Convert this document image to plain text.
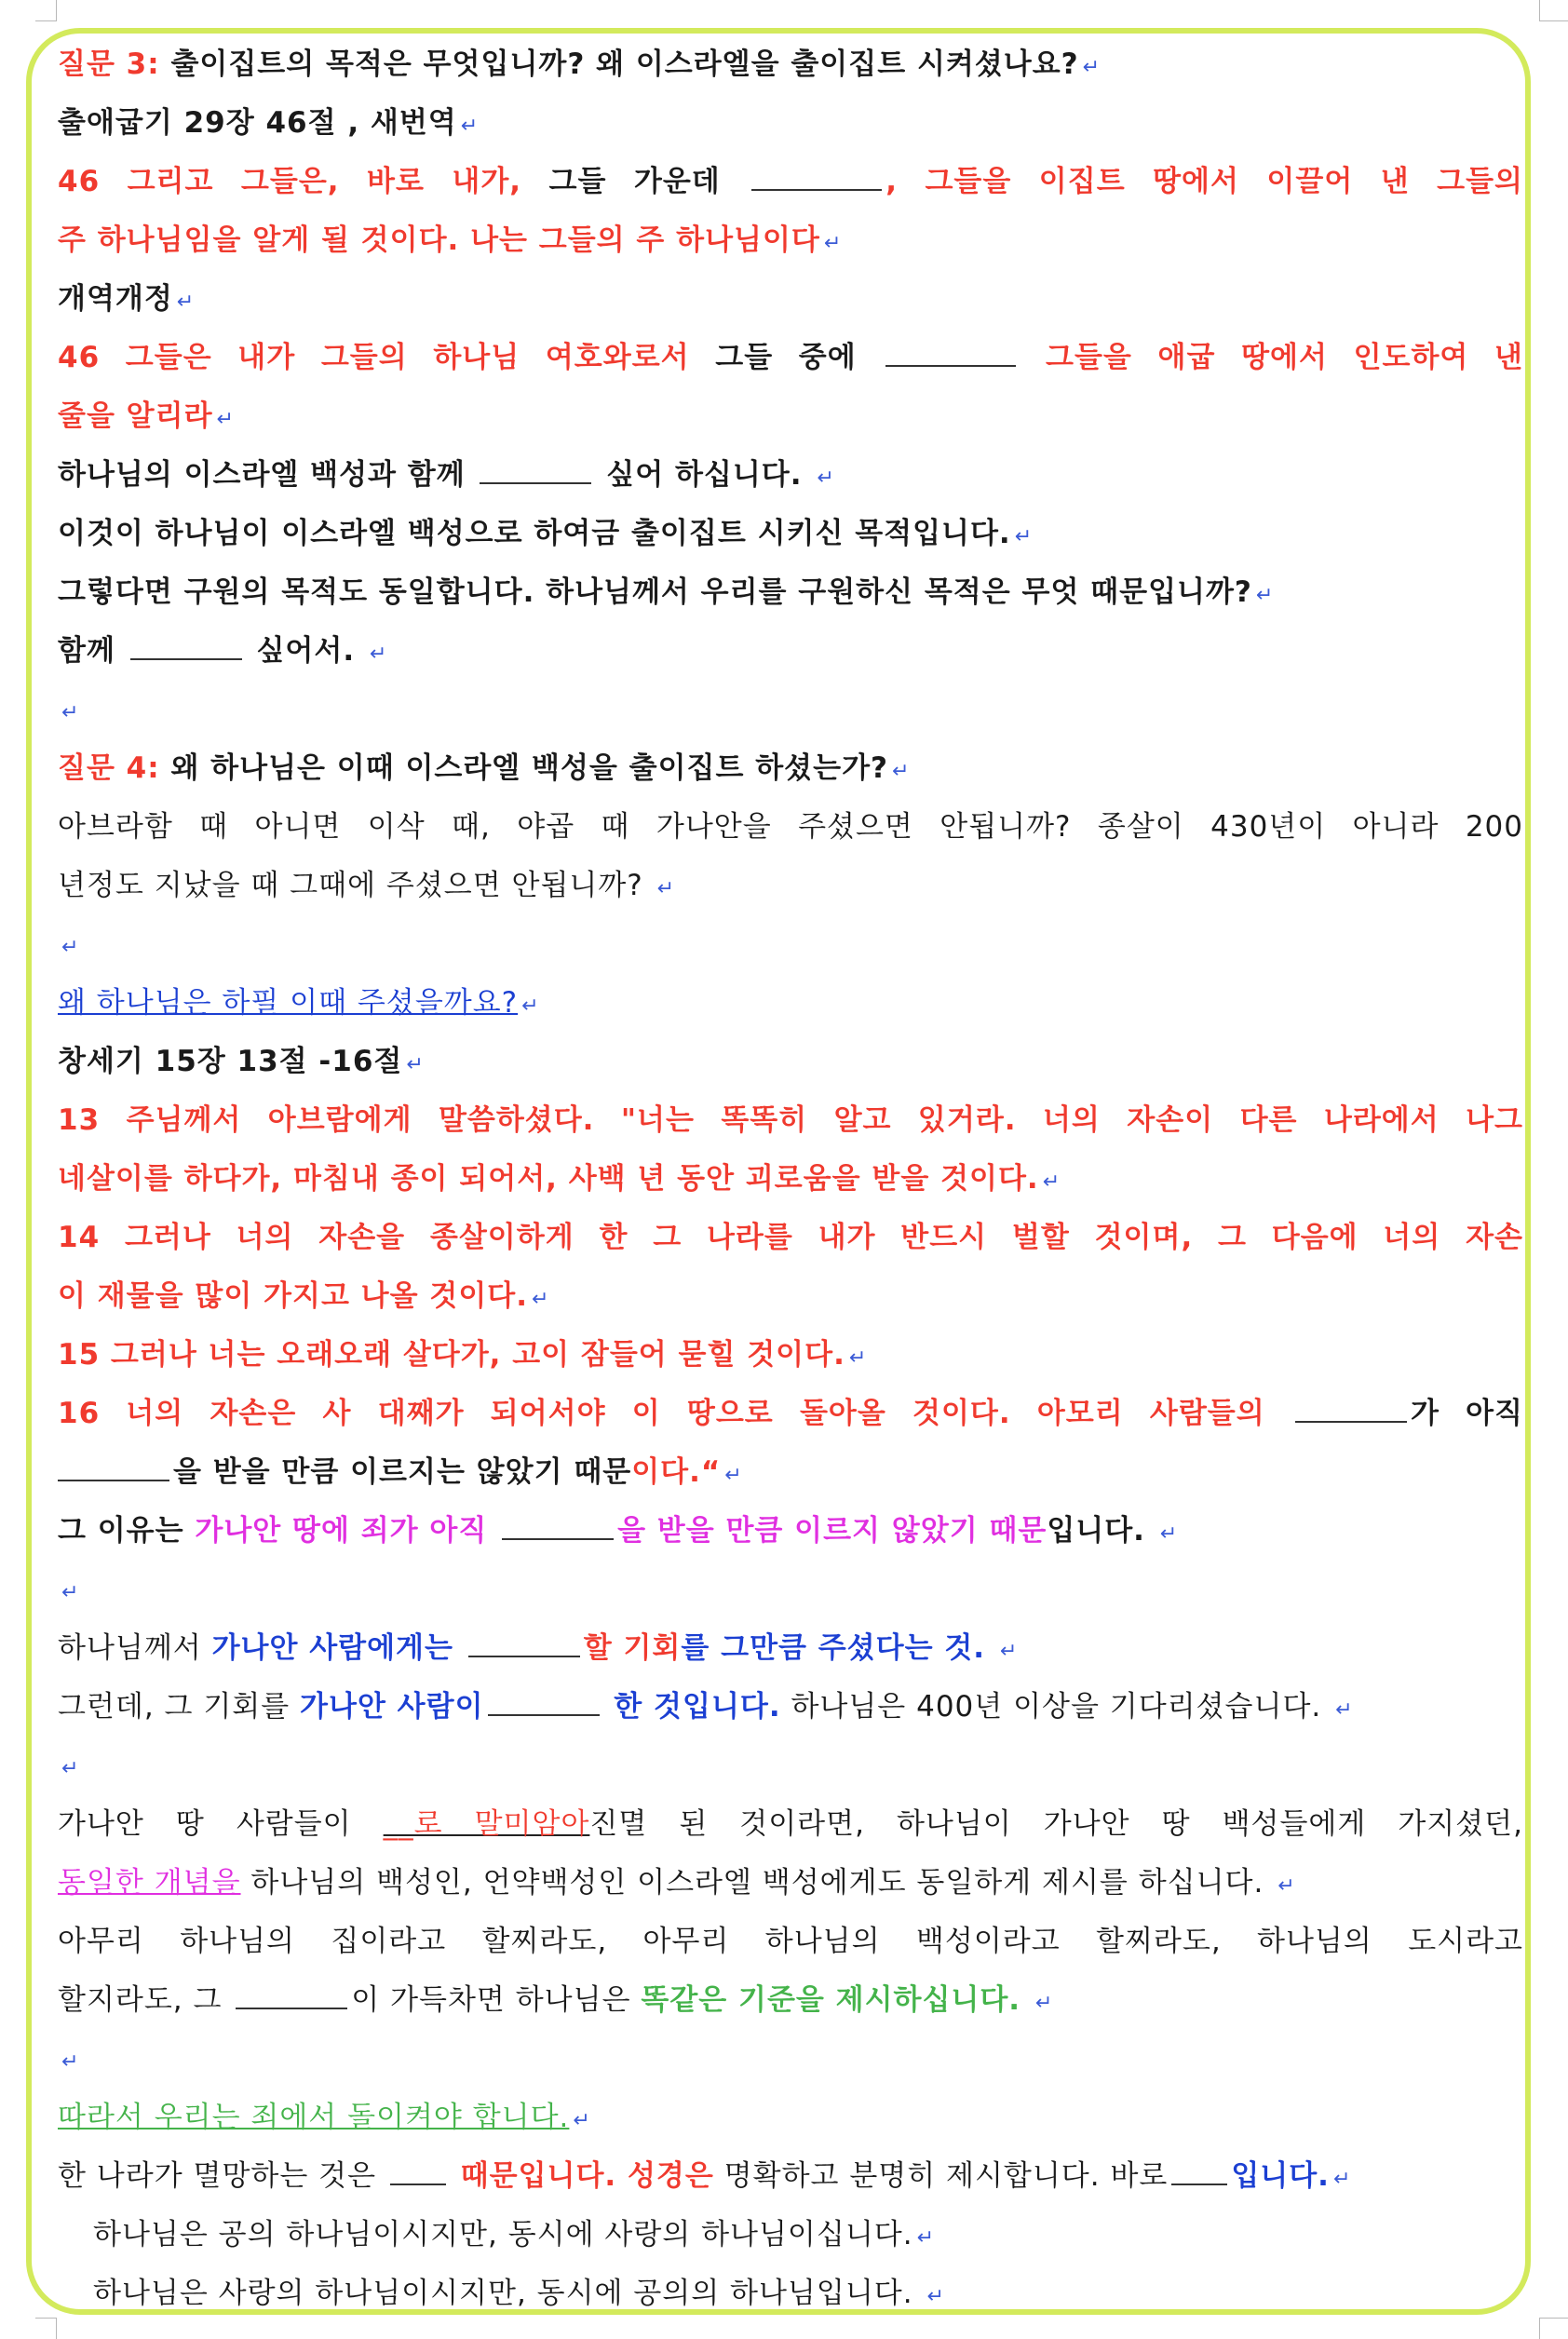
질문 3: 출이집트의 목적은 무엇입니까? 왜 이스라엘을 출이집트 시켜셨나요? ↵
출애굽기 29장 46절 , 새번역 ↵
46 그리고 그들은, 바로 내가, 그들 가운데	, 그들을 이집트 땅에서 이끌어 낸 그들의
주 하나님임을 알게 될 것이다. 나는 그들의 주 하나님이다 ↵
개역개정 ↵
46 그들은 내가 그들의 하나님 여호와로서 그들 중에	그들을 애굽 땅에서 인도하여 낸
줄을 알리라 ↵
하나님의 이스라엘 백성과 함께	싶어 하십니다. ↵
이것이 하나님이 이스라엘 백성으로 하여금 출이집트 시키신 목적입니다. ↵
그렇다면 구원의 목적도 동일합니다. 하나님께서 우리를 구원하신 목적은 무엇 때문입니까? ↵
함께	싶어서. ↵
↵
질문 4: 왜 하나님은 이때 이스라엘 백성을 출이집트 하셨는가? ↵
아브라함 때 아니면 이삭 때, 야곱 때 가나안을 주셨으면 안됩니까? 종살이 430년이 아니라 200
년정도 지났을 때 그때에 주셨으면 안됩니까? ↵
↵
왜 하나님은 하필 이때 주셨을까요? ↵
창세기 15장 13절 -16절 ↵
13 주님께서 아브람에게 말씀하셨다. "너는 똑똑히 알고 있거라. 너의 자손이 다른 나라에서 나그
네살이를 하다가, 마침내 종이 되어서, 사백 년 동안 괴로움을 받을 것이다. ↵
14 그러나 너의 자손을 종살이하게 한 그 나라를 내가 반드시 벌할 것이며, 그 다음에 너의 자손
이 재물을 많이 가지고 나올 것이다. ↵
15 그러나 너는 오래오래 살다가, 고이 잠들어 묻힐 것이다. ↵
16 너의 자손은 사 대째가 되어서야 이 땅으로 돌아올 것이다. 아모리 사람들의	가 아직
을 받을 만큼 이르지는 않았기 때문이다.“ ↵
그 이유는 가나안 땅에 죄가 아직	을 받을 만큼 이르지 않았기 때문입니다. ↵
↵
하나님께서 가나안 사람에게는	할 기회를 그만큼 주셨다는 것. ↵
그런데, 그 기회를 가나안 사람이	한 것입니다. 하나님은 400년 이상을 기다리셨습니다. ↵
↵
가나안 땅 사람들이 __로 말미암아진멸 된 것이라면, 하나님이 가나안 땅 백성들에게 가지셨던,
동일한 개념을 하나님의 백성인, 언약백성인 이스라엘 백성에게도 동일하게 제시를 하십니다. ↵
아무리 하나님의 집이라고 할찌라도, 아무리 하나님의 백성이라고 할찌라도, 하나님의 도시라고
할지라도, 그	이 가득차면 하나님은 똑같은 기준을 제시하십니다. ↵
↵
따라서 우리는 죄에서 돌이켜야 합니다. ↵
한 나라가 멸망하는 것은  때문입니다. 성경은 명확하고 분명히 제시합니다. 바로 입니다. ↵
하나님은 공의 하나님이시지만, 동시에 사랑의 하나님이십니다. ↵
하나님은 사랑의 하나님이시지만, 동시에 공의의 하나님입니다. ↵
